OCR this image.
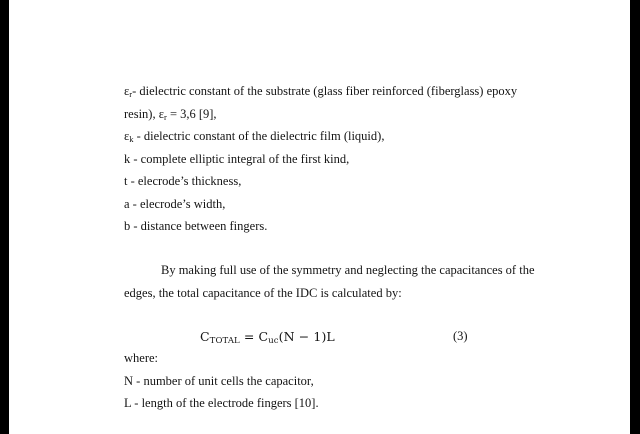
$\varepsilon_r-$ dielectric constant of the substrate (glass fiber reinforced (fiberglass) epoxy
resin), $\varepsilon_r = 3,6$ [9],
$\varepsilon_k$ - dielectric constant of the dielectric film (liquid),
k - complete elliptic integral of the first kind,
t - elecrode’s thickness,
a - elecrode’s width,
b - distance between fingers.
By making full use of the symmetry and neglecting the capacitances of the
edges, the total capacitance of the IDC is calculated by:
$C_{TOTAL} = C_{uc}(N - 1)L$	(3)
where:
N - number of unit cells the capacitor,
L - length of the electrode fingers [10].
